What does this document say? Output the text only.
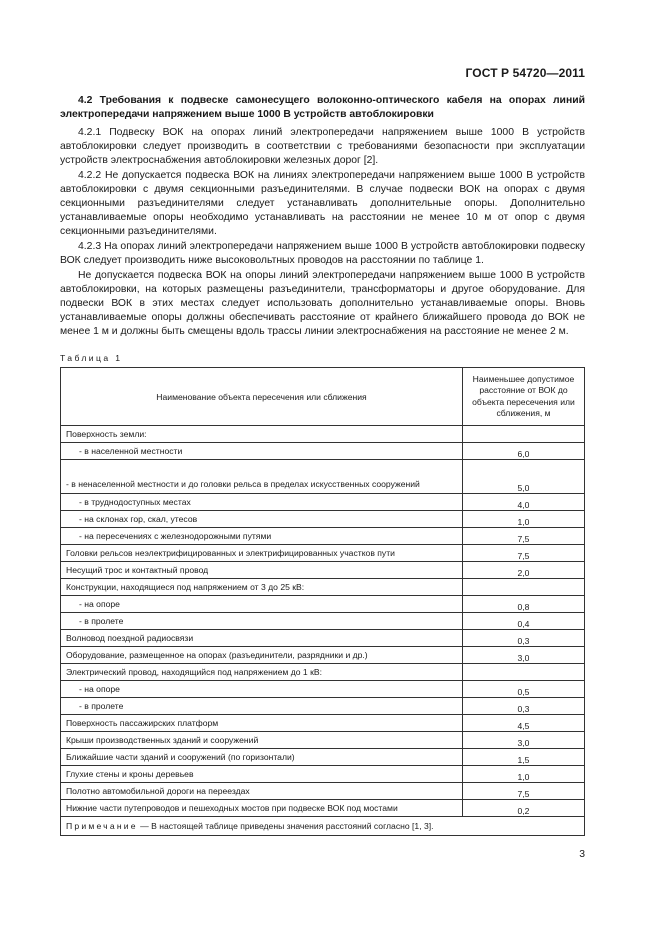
ГОСТ Р 54720—2011

4.2 Требования к подвеске самонесущего волоконно-оптического кабеля на опорах линий электропередачи напряжением выше 1000 В устройств автоблокировки

4.2.1 Подвеску ВОК на опорах линий электропередачи напряжением выше 1000 В устройств автоблокировки следует производить в соответствии с требованиями безопасности при эксплуатации устройств электроснабжения автоблокировки железных дорог [2].

4.2.2 Не допускается подвеска ВОК на линиях электропередачи напряжением выше 1000 В устройств автоблокировки с двумя секционными разъединителями. В случае подвески ВОК на опорах с двумя секционными разъединителями следует устанавливать дополнительные опоры. Дополнительно устанавливаемые опоры необходимо устанавливать на расстоянии не менее 10 м от опор с двумя секционными разъединителями.

4.2.3 На опорах линий электропередачи напряжением выше 1000 В устройств автоблокировки подвеску ВОК следует производить ниже высоковольтных проводов на расстоянии по таблице 1.

Не допускается подвеска ВОК на опоры линий электропередачи напряжением выше 1000 В устройств автоблокировки, на которых размещены разъединители, трансформаторы и другое оборудование. Для подвески ВОК в этих местах следует использовать дополнительно устанавливаемые опоры. Вновь устанавливаемые опоры должны обеспечивать расстояние от крайнего ближайшего провода до ВОК не менее 1 м и должны быть смещены вдоль трассы линии электроснабжения на расстояние не менее 2 м.

Таблица 1
Наименование объекта пересечения или сближения	Наименьшее допустимое расстояние от ВОК до объекта пересечения или сближения, м
Поверхность земли:	
- в населенной местности	6,0
- в ненаселенной местности и до головки рельса в пределах искусственных сооружений	5,0
- в труднодоступных местах	4,0
- на склонах гор, скал, утесов	1,0
- на пересечениях с железнодорожными путями	7,5
Головки рельсов неэлектрифицированных и электрифицированных участков пути	7,5
Несущий трос и контактный провод	2,0
Конструкции, находящиеся под напряжением от 3 до 25 кВ:	
- на опоре	0,8
- в пролете	0,4
Волновод поездной радиосвязи	0,3
Оборудование, размещенное на опорах (разъединители, разрядники и др.)	3,0
Электрический провод, находящийся под напряжением до 1 кВ:	
- на опоре	0,5
- в пролете	0,3
Поверхность пассажирских платформ	4,5
Крыши производственных зданий и сооружений	3,0
Ближайшие части зданий и сооружений (по горизонтали)	1,5
Глухие стены и кроны деревьев	1,0
Полотно автомобильной дороги на переездах	7,5
Нижние части путепроводов и пешеходных мостов при подвеске ВОК под мостами	0,2
Примечание — В настоящей таблице приведены значения расстояний согласно [1, 3].	
3
